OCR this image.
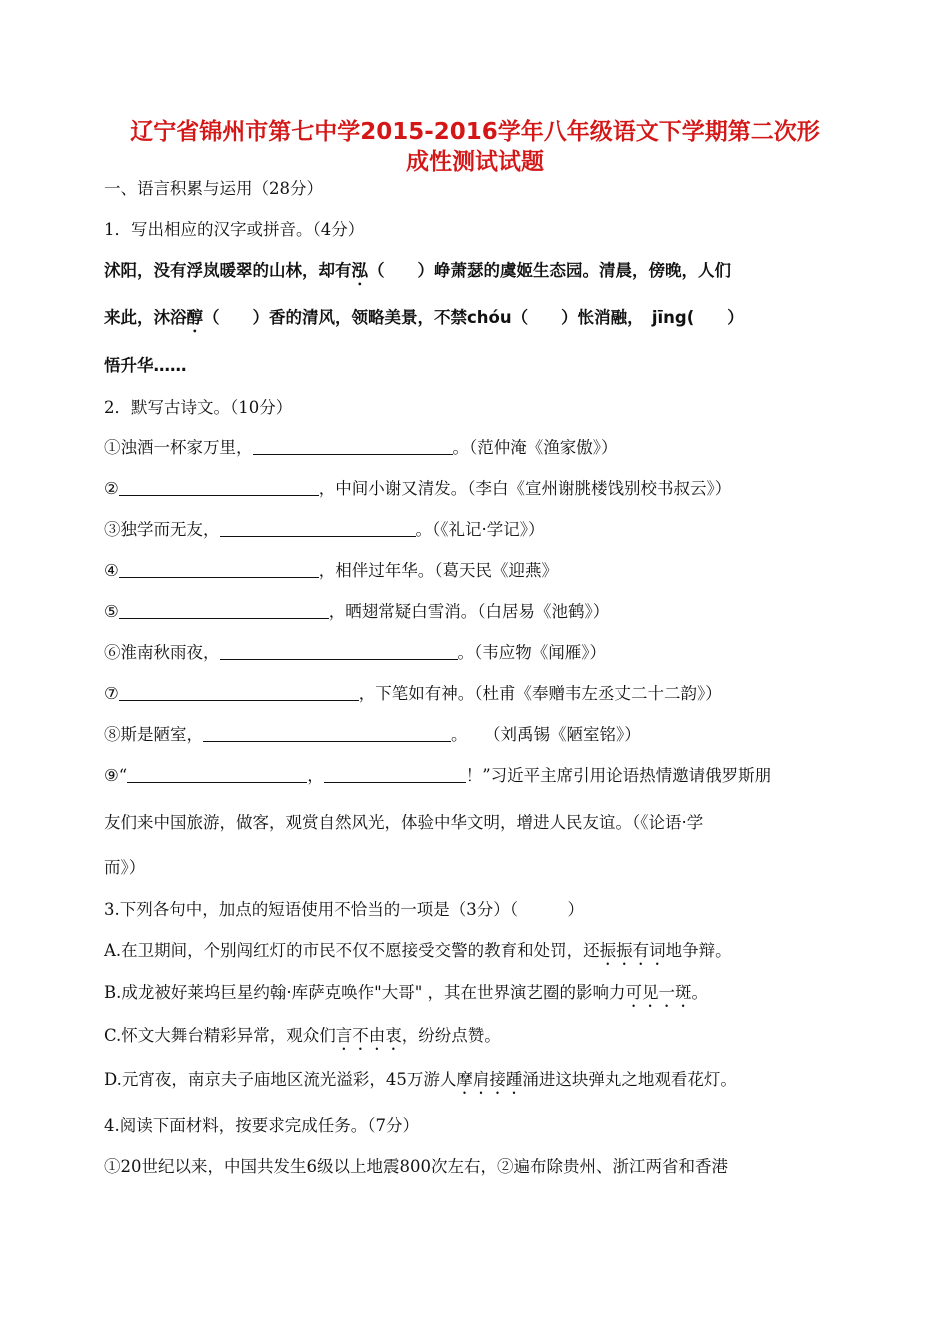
辽宁省锦州市第七中学2015-2016学年八年级语文下学期第二次形
成性测试试题
一、语言积累与运用（28分）
1．写出相应的汉字或拼音。（4分）
沭阳，没有浮岚暖翠的山林，却有泓（　　）峥萧瑟的虞姬生态园。清晨，傍晚，人们
来此，沐浴醇（　　）香的清风，领略美景，不禁chóu（　　）怅消融，　jīng(　　）
悟升华……
2．默写古诗文。（10分）
①浊酒一杯家万里，	。（范仲淹《渔家傲》）
②	，中间小谢又清发。（李白《宣州谢朓楼饯别校书叔云》）
③独学而无友，	。（《礼记·学记》）
④	，相伴过年华。（葛天民《迎燕》
⑤	，晒翅常疑白雪消。（白居易《池鹤》）
⑥淮南秋雨夜，	。（韦应物《闻雁》）
⑦	，下笔如有神。（杜甫《奉赠韦左丞丈二十二韵》）
⑧斯是陋室，	。　　（刘禹锡《陋室铭》）
⑨“	，	！”习近平主席引用论语热情邀请俄罗斯朋
友们来中国旅游，做客，观赏自然风光，体验中华文明，增进人民友谊。（《论语·学
而》）
3.下列各句中，加点的短语使用不恰当的一项是（3分）（　　　）
A.在卫期间，个别闯红灯的市民不仅不愿接受交警的教育和处罚，还振振有词地争辩。
B.成龙被好莱坞巨星约翰·库萨克唤作"大哥" ，其在世界演艺圈的影响力可见一斑。
C.怀文大舞台精彩异常，观众们言不由衷，纷纷点赞。
D.元宵夜，南京夫子庙地区流光溢彩，45万游人摩肩接踵涌进这块弹丸之地观看花灯。
4.阅读下面材料，按要求完成任务。（7分）
①20世纪以来，中国共发生6级以上地震800次左右，②遍布除贵州、浙江两省和香港
